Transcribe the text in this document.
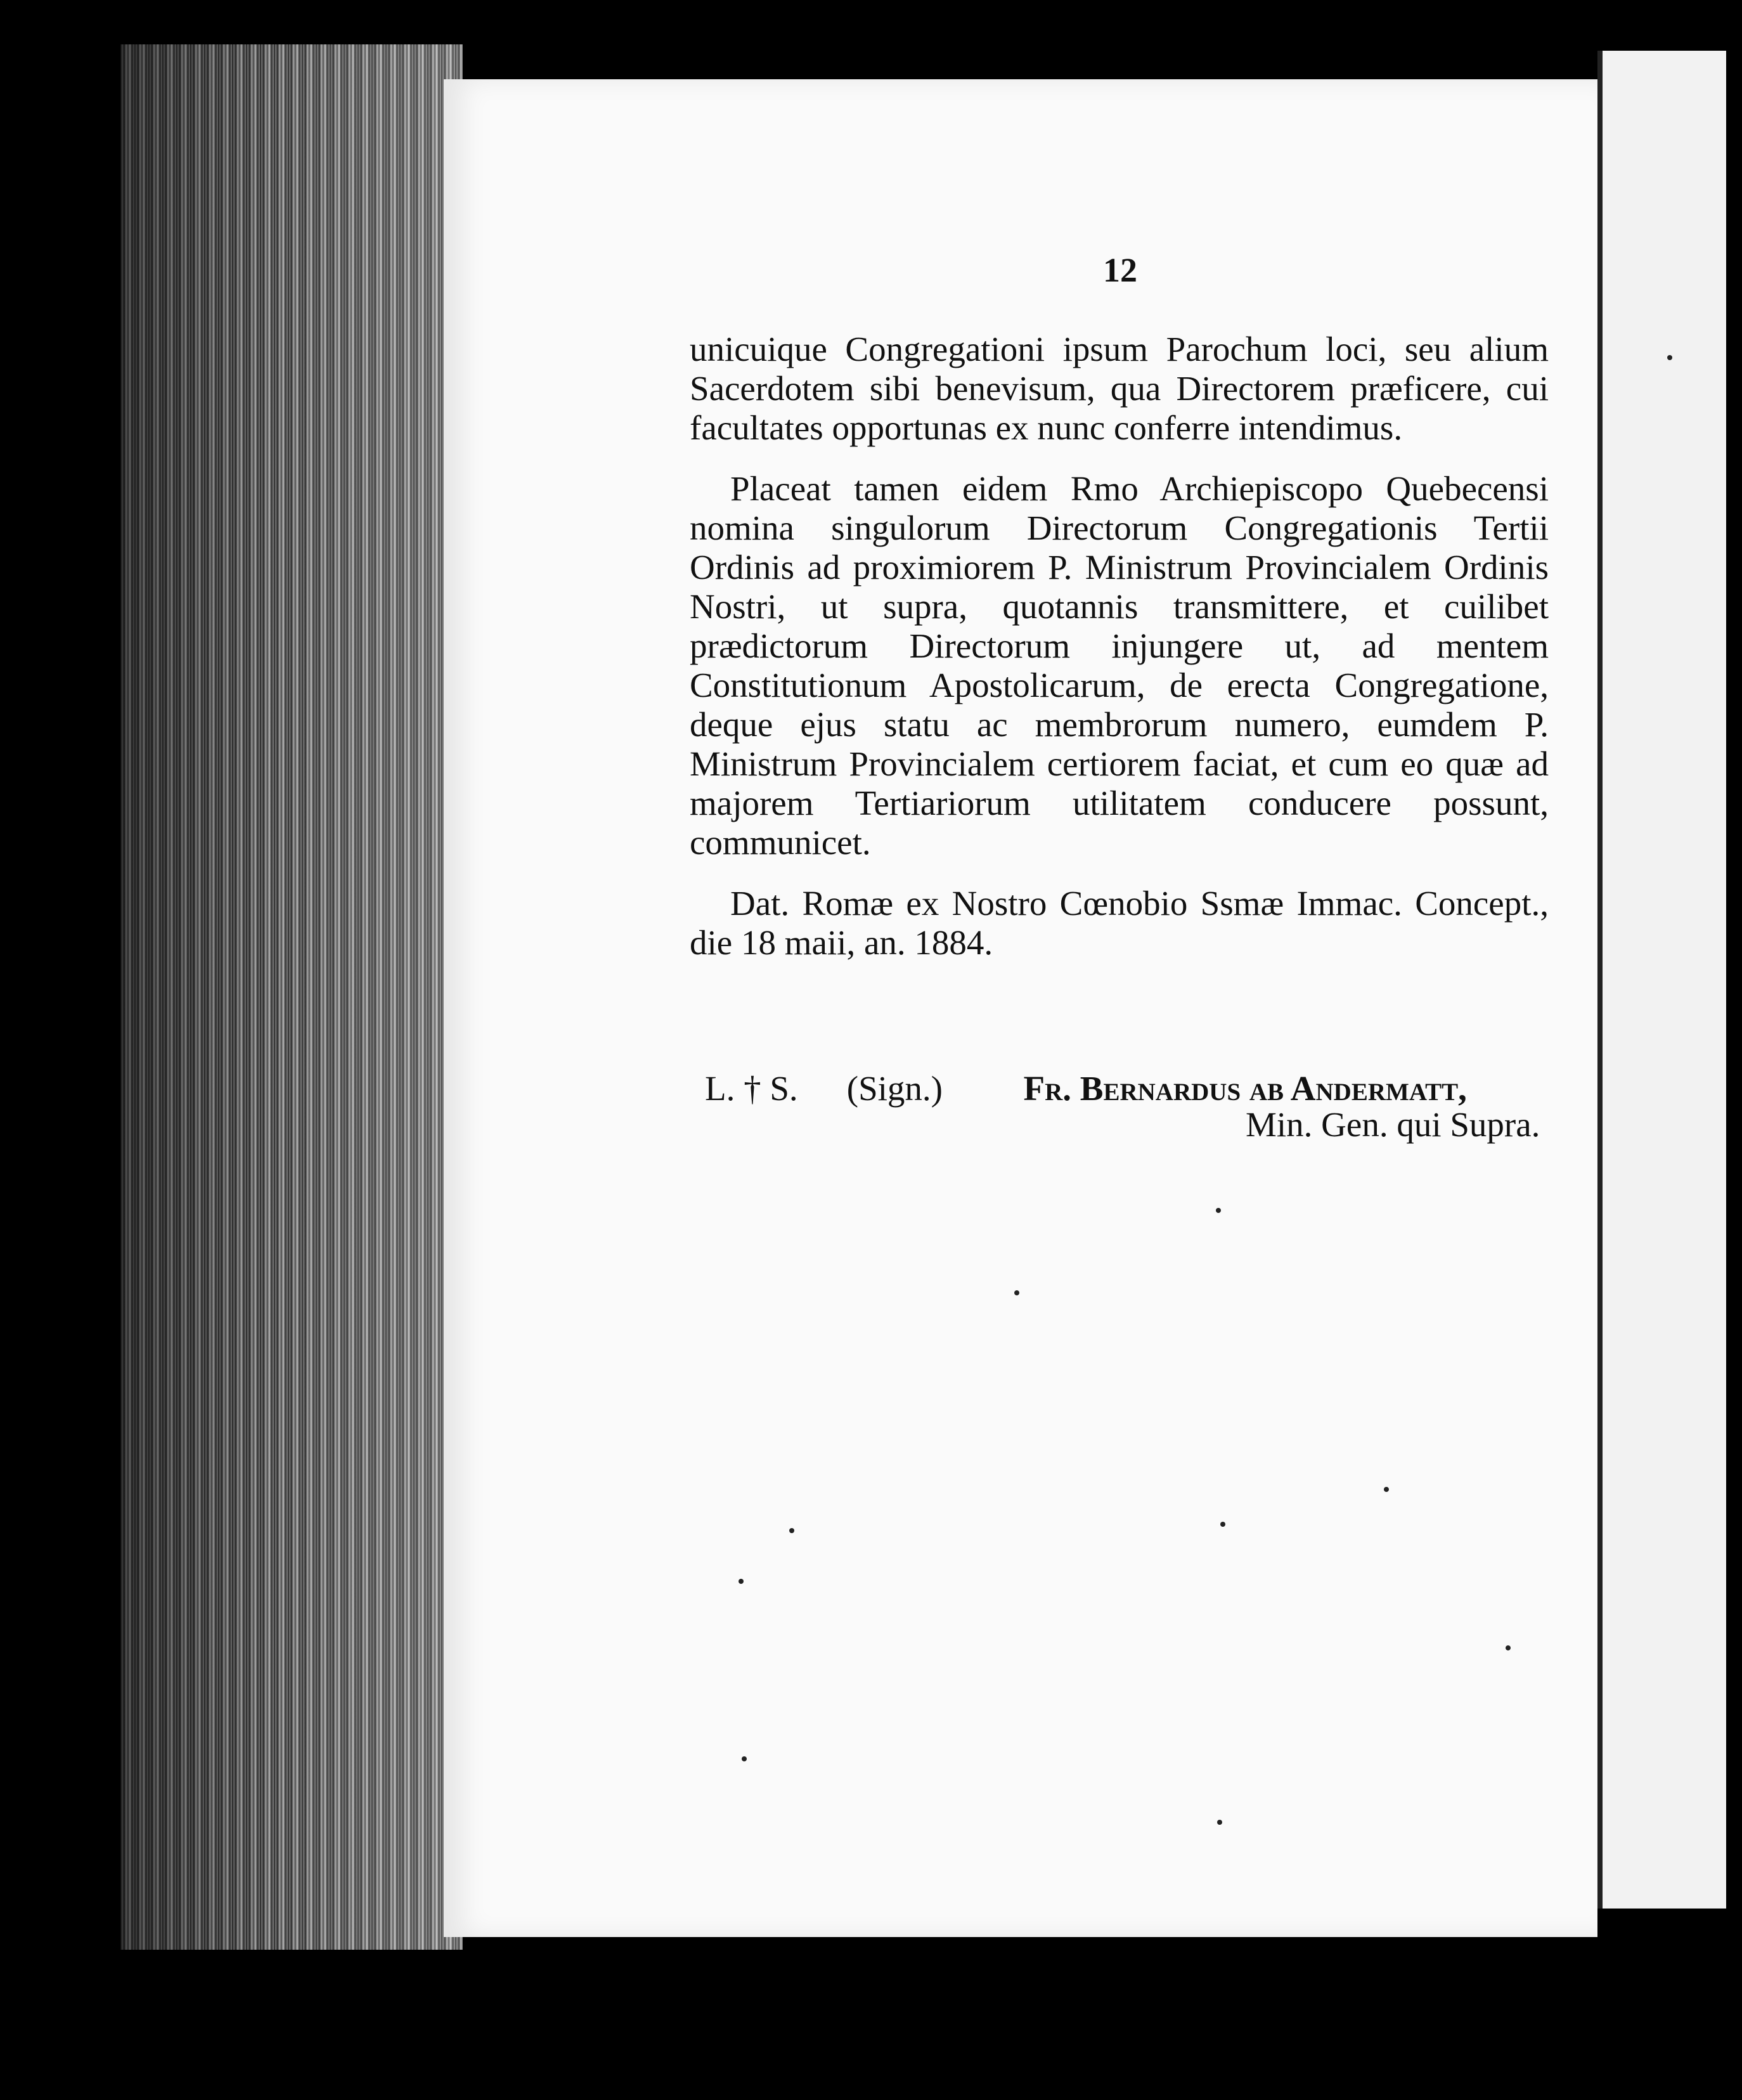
12

unicuique Congregationi ipsum Parochum loci, seu alium Sacerdotem sibi benevisum, qua Directorem præficere, cui facultates opportunas ex nunc conferre intendimus.

Placeat tamen eidem Rmo Archiepiscopo Quebecensi nomina singulorum Directorum Congregationis Tertii Ordinis ad proximiorem P. Ministrum Provincialem Ordinis Nostri, ut supra, quotannis transmittere, et cuilibet prædictorum Directorum injungere ut, ad mentem Constitutionum Apostolicarum, de erecta Congregatione, deque ejus statu ac membrorum numero, eumdem P. Ministrum Provincialem certiorem faciat, et cum eo quæ ad majorem Tertiariorum utilitatem conducere possunt, communicet.

Dat. Romæ ex Nostro Cœnobio Ssmæ Immac. Concept., die 18 maii, an. 1884.

L. † S. (Sign.) Fr. Bernardus ab Andermatt,
Min. Gen. qui Supra.
